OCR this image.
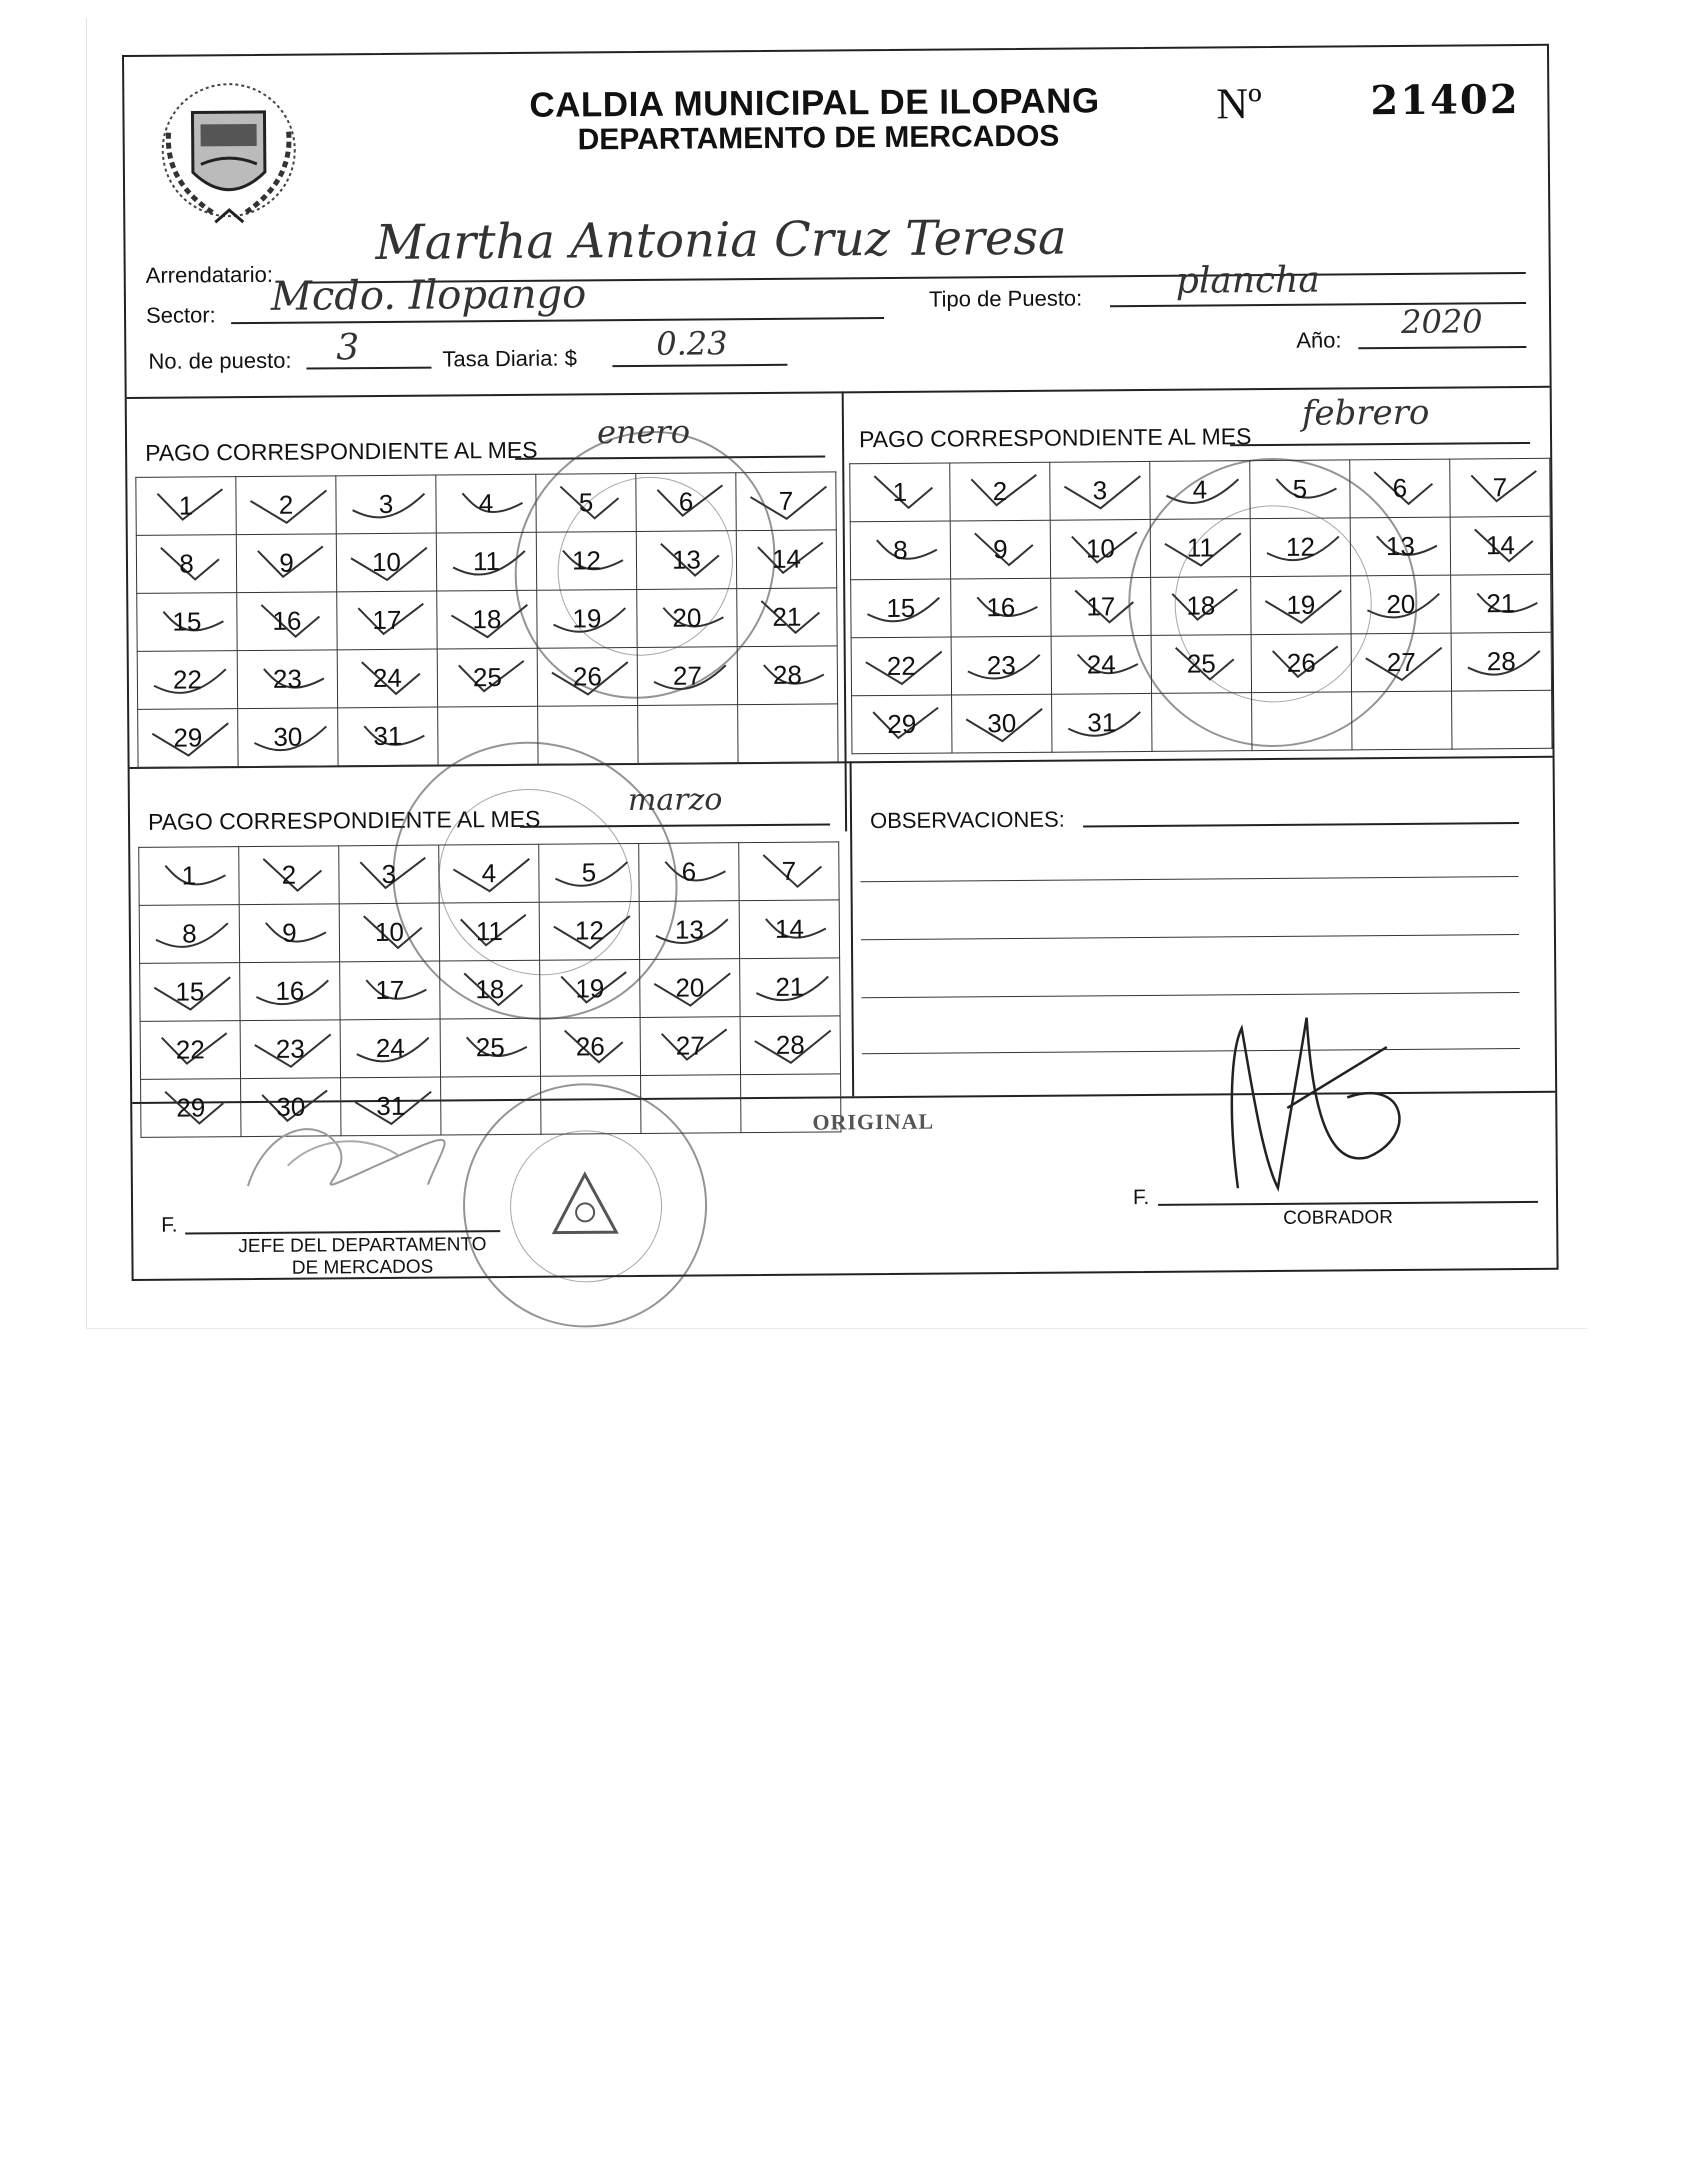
CALDIA MUNICIPAL DE ILOPANG
DEPARTAMENTO DE MERCADOS
Nº	21402
Arrendatario:
Martha Antonia Cruz Teresa
Sector: Mcdo. Ilopango	Tipo de Puesto:	plancha
No. de puesto: 3	Tasa Diaria: $ 0.23	Año: 2020
PAGO CORRESPONDIENTE AL MES
enero
1	2	3	4	5	6	7

8	9	10	11	12	13	14

15	16	17	18	19	20	21

22	23	24	25	26	27	28

29	30	31

PAGO CORRESPONDIENTE AL MES
febrero
1	2	3	4	5	6	7

8	9	10	11	12	13	14

15	16	17	18	19	20	21

22	23	24	25	26	27	28

29	30	31

PAGO CORRESPONDIENTE AL MES
marzo
1	2	3	4	5	6	7

8	9	10	11	12	13	14

15	16	17	18	19	20	21

22	23	24	25	26	27	28

29	30	31

OBSERVACIONES:
ORIGINAL
F.
JEFE DEL DEPARTAMENTO
DE MERCADOS
F.
COBRADOR
